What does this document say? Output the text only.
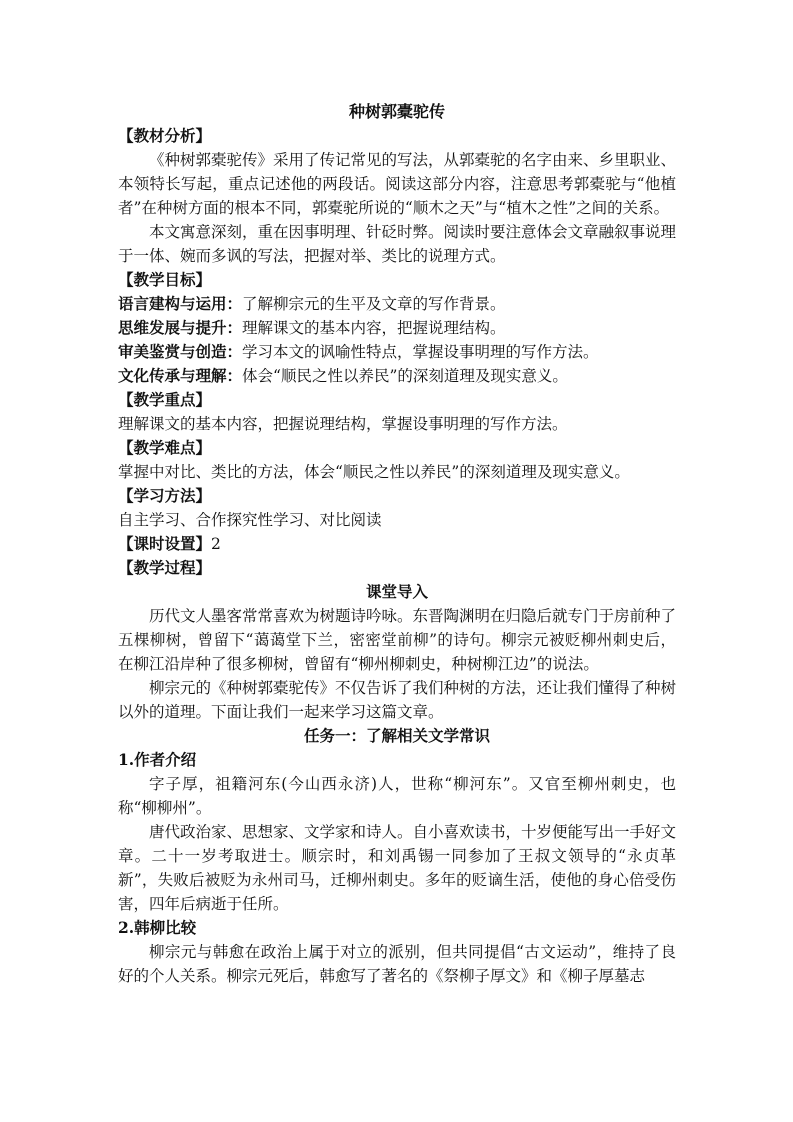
种树郭橐驼传
【教材分析】

《种树郭橐驼传》采用了传记常见的写法，从郭橐驼的名字由来、乡里职业、本领特长写起，重点记述他的两段话。阅读这部分内容，注意思考郭橐驼与“他植者”在种树方面的根本不同，郭橐驼所说的“顺木之天”与“植木之性”之间的关系。

本文寓意深刻，重在因事明理、针砭时弊。阅读时要注意体会文章融叙事说理于一体、婉而多讽的写法，把握对举、类比的说理方式。

【教学目标】

语言建构与运用：了解柳宗元的生平及文章的写作背景。

思维发展与提升：理解课文的基本内容，把握说理结构。

审美鉴赏与创造：学习本文的讽喻性特点，掌握设事明理的写作方法。

文化传承与理解：体会“顺民之性以养民”的深刻道理及现实意义。

【教学重点】

理解课文的基本内容，把握说理结构，掌握设事明理的写作方法。

【教学难点】

掌握中对比、类比的方法，体会“顺民之性以养民”的深刻道理及现实意义。

【学习方法】

自主学习、合作探究性学习、对比阅读

【课时设置】2
【教学过程】
课堂导入

历代文人墨客常常喜欢为树题诗吟咏。东晋陶渊明在归隐后就专门于房前种了五棵柳树，曾留下“蔼蔼堂下兰，密密堂前柳”的诗句。柳宗元被贬柳州刺史后，在柳江沿岸种了很多柳树，曾留有“柳州柳刺史，种树柳江边”的说法。

柳宗元的《种树郭橐驼传》不仅告诉了我们种树的方法，还让我们懂得了种树以外的道理。下面让我们一起来学习这篇文章。

任务一：了解相关文学常识
1.作者介绍

字子厚，祖籍河东(今山西永济)人，世称“柳河东”。又官至柳州刺史，也称“柳柳州”。

唐代政治家、思想家、文学家和诗人。自小喜欢读书，十岁便能写出一手好文章。二十一岁考取进士。顺宗时，和刘禹锡一同参加了王叔文领导的“永贞革新”，失败后被贬为永州司马，迁柳州刺史。多年的贬谪生活，使他的身心倍受伤害，四年后病逝于任所。

2.韩柳比较

柳宗元与韩愈在政治上属于对立的派别，但共同提倡“古文运动”，维持了良好的个人关系。柳宗元死后，韩愈写了著名的《祭柳子厚文》和《柳子厚墓志
